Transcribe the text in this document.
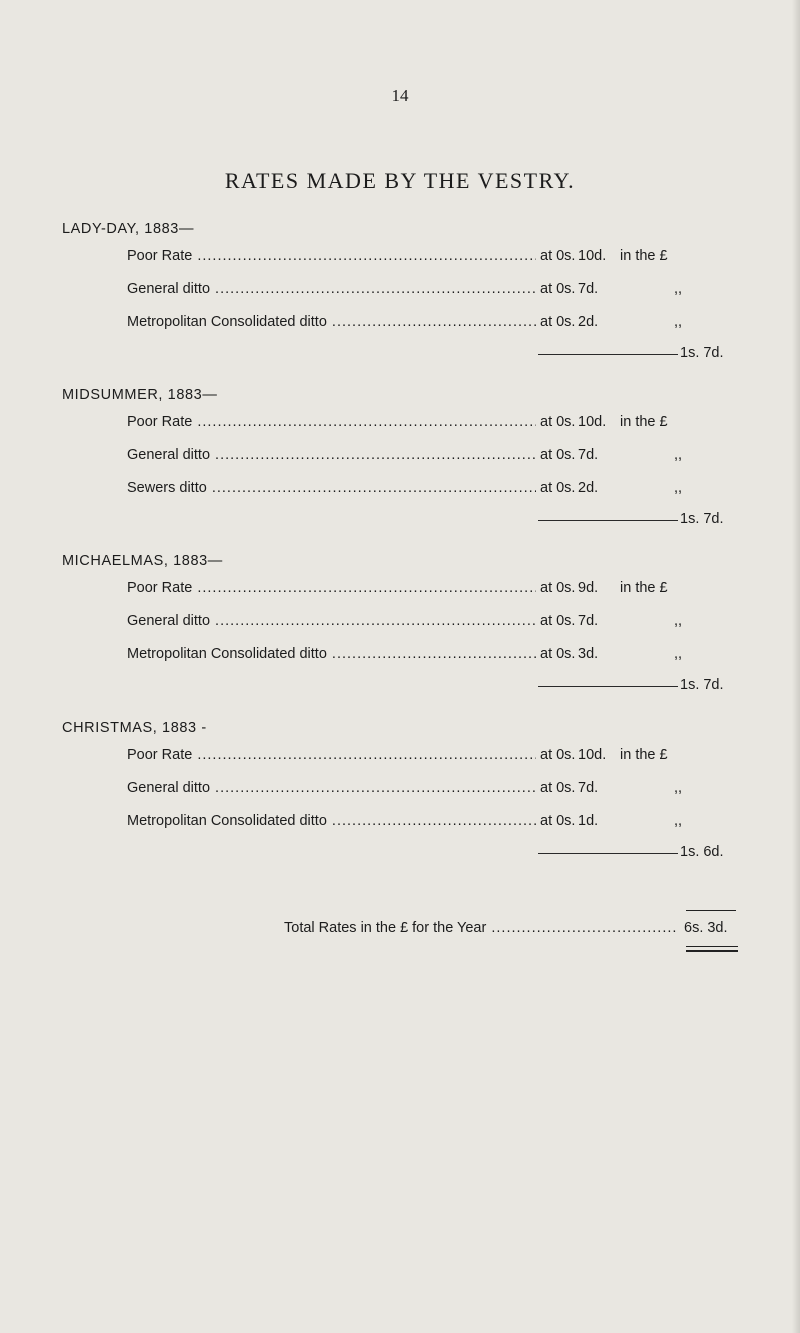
14
RATES MADE BY THE VESTRY.
LADY-DAY, 1883—
Poor Rate .....	at 0s. 10d. in the £
General ditto .....	at 0s. 7d.	,,
Metropolitan Consolidated ditto .....	at 0s. 2d.	,,
1s. 7d.
MIDSUMMER, 1883—
Poor Rate .....	at 0s. 10d. in the £
General ditto .....	at 0s. 7d.	,,
Sewers ditto .....	at 0s. 2d.	,,
1s. 7d.
MICHAELMAS, 1883—
Poor Rate .....	at 0s. 9d.	in the £
General ditto .....	at 0s. 7d.	,,
Metropolitan Consolidated ditto .....	at 0s. 3d.	,,
1s. 7d.
CHRISTMAS, 1883 -
Poor Rate .....	at 0s. 10d. in the £
General ditto .....	at 0s. 7d.	,,
Metropolitan Consolidated ditto .....	at 0s. 1d.	,,
1s. 6d.
Total Rates in the £ for the Year .....	6s. 3d.
